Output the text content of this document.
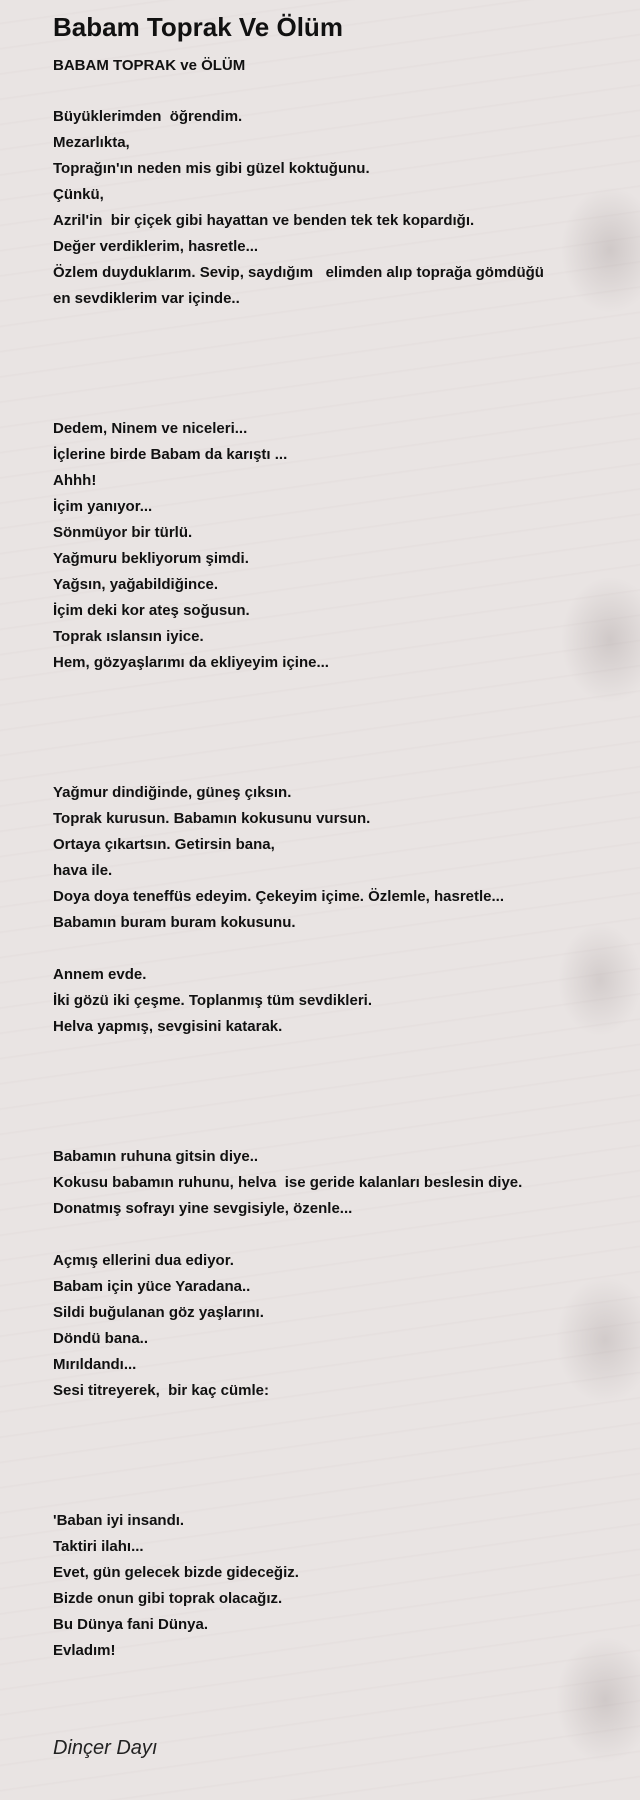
Babam Toprak Ve Ölüm
BABAM TOPRAK ve ÖLÜM
Büyüklerimden  öğrendim.
Mezarlıkta,
Toprağın'ın neden mis gibi güzel koktuğunu.
Çünkü,
Azril'in  bir çiçek gibi hayattan ve benden tek tek kopardığı.
Değer verdiklerim, hasretle...
Özlem duyduklarım. Sevip, saydığım   elimden alıp toprağa gömdüğü
en sevdiklerim var içinde..
Dedem, Ninem ve niceleri...
İçlerine birde Babam da karıştı ...
Ahhh!
İçim yanıyor...
Sönmüyor bir türlü.
Yağmuru bekliyorum şimdi.
Yağsın, yağabildiğince.
İçim deki kor ateş soğusun.
Toprak ıslansın iyice.
Hem, gözyaşlarımı da ekliyeyim içine...
Yağmur dindiğinde, güneş çıksın.
Toprak kurusun. Babamın kokusunu vursun.
Ortaya çıkartsın. Getirsin bana,
hava ile.
Doya doya teneffüs edeyim. Çekeyim içime. Özlemle, hasretle...
Babamın buram buram kokusunu.
Annem evde.
İki gözü iki çeşme. Toplanmış tüm sevdikleri.
Helva yapmış, sevgisini katarak.
Babamın ruhuna gitsin diye..
Kokusu babamın ruhunu, helva  ise geride kalanları beslesin diye.
Donatmış sofrayı yine sevgisiyle, özenle...
Açmış ellerini dua ediyor.
Babam için yüce Yaradana..
Sildi buğulanan göz yaşlarını.
Döndü bana..
Mırıldandı...
Sesi titreyerek,  bir kaç cümle:
'Baban iyi insandı.
Taktiri ilahı...
Evet, gün gelecek bizde gideceğiz.
Bizde onun gibi toprak olacağız.
Bu Dünya fani Dünya.
Evladım!
Dinçer Dayı
